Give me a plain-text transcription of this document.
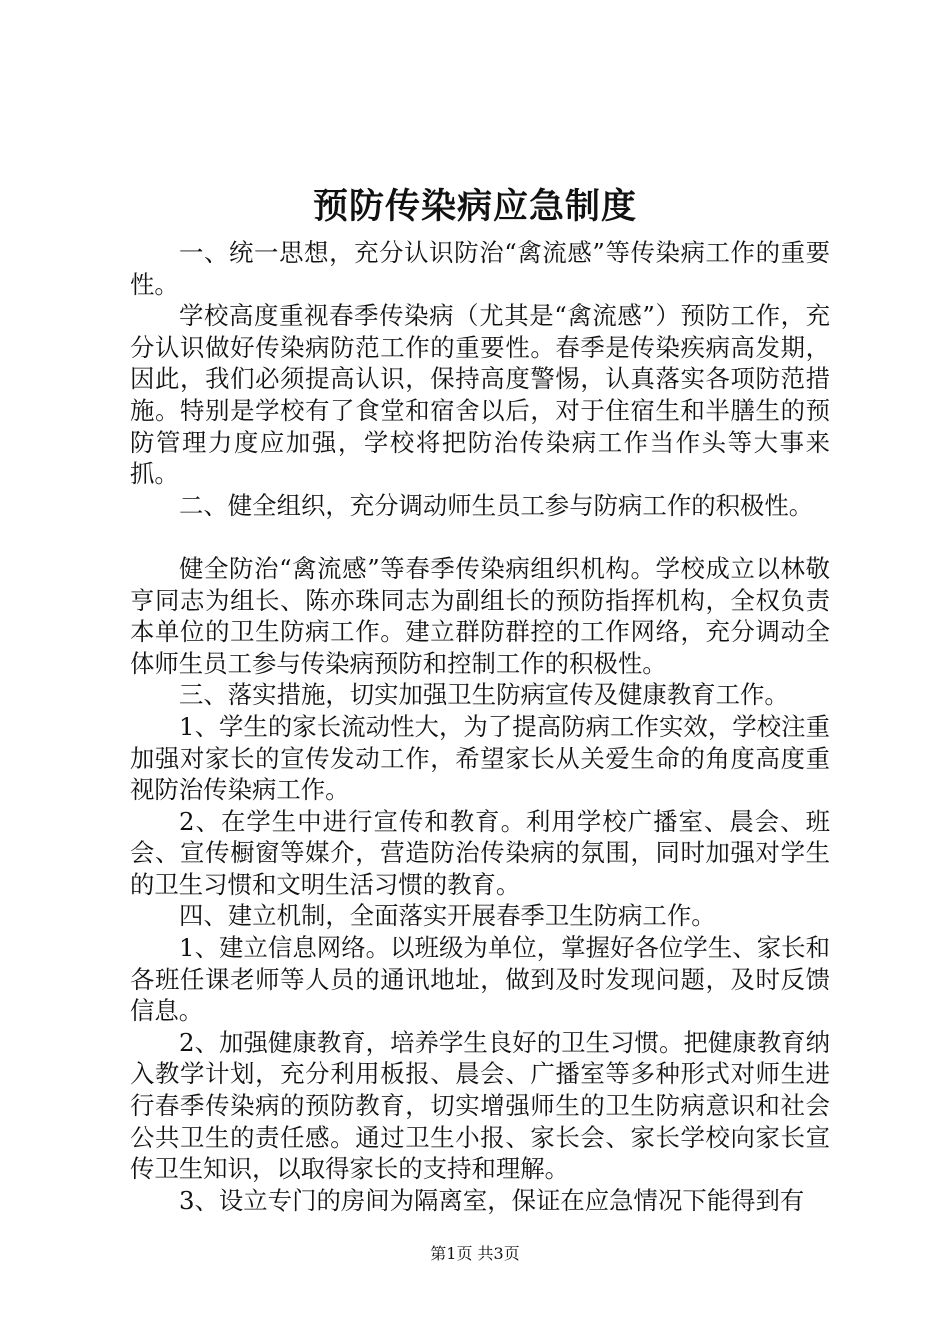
预防传染病应急制度

一、统一思想，充分认识防治“禽流感”等传染病工作的重要性。

学校高度重视春季传染病（尤其是“禽流感”）预防工作，充分认识做好传染病防范工作的重要性。春季是传染疾病高发期，因此，我们必须提高认识，保持高度警惕，认真落实各项防范措施。特别是学校有了食堂和宿舍以后，对于住宿生和半膳生的预防管理力度应加强，学校将把防治传染病工作当作头等大事来抓。

二、健全组织，充分调动师生员工参与防病工作的积极性。

健全防治“禽流感”等春季传染病组织机构。学校成立以林敬亨同志为组长、陈亦珠同志为副组长的预防指挥机构，全权负责本单位的卫生防病工作。建立群防群控的工作网络，充分调动全体师生员工参与传染病预防和控制工作的积极性。

三、落实措施，切实加强卫生防病宣传及健康教育工作。

1、学生的家长流动性大，为了提高防病工作实效，学校注重加强对家长的宣传发动工作，希望家长从关爱生命的角度高度重视防治传染病工作。

2、在学生中进行宣传和教育。利用学校广播室、晨会、班会、宣传橱窗等媒介，营造防治传染病的氛围，同时加强对学生的卫生习惯和文明生活习惯的教育。

四、建立机制，全面落实开展春季卫生防病工作。

1、建立信息网络。以班级为单位，掌握好各位学生、家长和各班任课老师等人员的通讯地址，做到及时发现问题，及时反馈信息。

2、加强健康教育，培养学生良好的卫生习惯。把健康教育纳入教学计划，充分利用板报、晨会、广播室等多种形式对师生进行春季传染病的预防教育，切实增强师生的卫生防病意识和社会公共卫生的责任感。通过卫生小报、家长会、家长学校向家长宣传卫生知识，以取得家长的支持和理解。

3、设立专门的房间为隔离室，保证在应急情况下能得到有

第1页 共3页
